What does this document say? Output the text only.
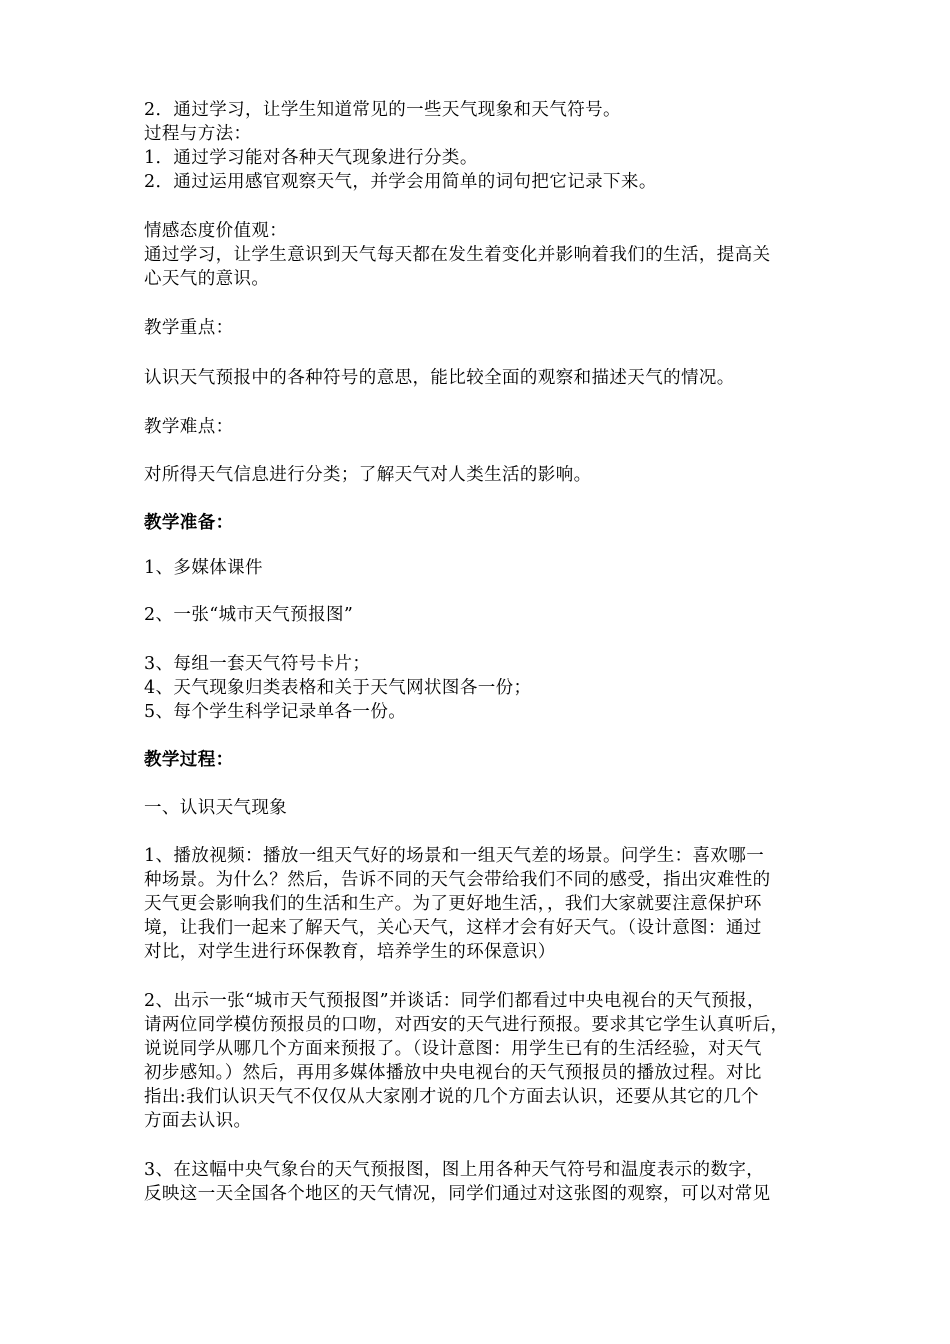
2．通过学习，让学生知道常见的一些天气现象和天气符号。
过程与方法：
1．通过学习能对各种天气现象进行分类。
2．通过运用感官观察天气，并学会用简单的词句把它记录下来。
情感态度价值观：
通过学习，让学生意识到天气每天都在发生着变化并影响着我们的生活，提高关
心天气的意识。
教学重点：
认识天气预报中的各种符号的意思，能比较全面的观察和描述天气的情况。
教学难点：
对所得天气信息进行分类；了解天气对人类生活的影响。
教学准备：
1、多媒体课件
2、一张“城市天气预报图”
3、每组一套天气符号卡片；
4、天气现象归类表格和关于天气网状图各一份；
5、每个学生科学记录单各一份。
教学过程：
一、认识天气现象
1、播放视频：播放一组天气好的场景和一组天气差的场景。问学生：喜欢哪一
种场景。为什么？然后，告诉不同的天气会带给我们不同的感受，指出灾难性的
天气更会影响我们的生活和生产。为了更好地生活，，我们大家就要注意保护环
境，让我们一起来了解天气，关心天气，这样才会有好天气。（设计意图：通过
对比，对学生进行环保教育，培养学生的环保意识）
2、出示一张“城市天气预报图”并谈话：同学们都看过中央电视台的天气预报，
请两位同学模仿预报员的口吻，对西安的天气进行预报。要求其它学生认真听后，
说说同学从哪几个方面来预报了。（设计意图：用学生已有的生活经验，对天气
初步感知。）然后，再用多媒体播放中央电视台的天气预报员的播放过程。对比
指出:我们认识天气不仅仅从大家刚才说的几个方面去认识，还要从其它的几个
方面去认识。
3、在这幅中央气象台的天气预报图，图上用各种天气符号和温度表示的数字，
反映这一天全国各个地区的天气情况，同学们通过对这张图的观察，可以对常见
